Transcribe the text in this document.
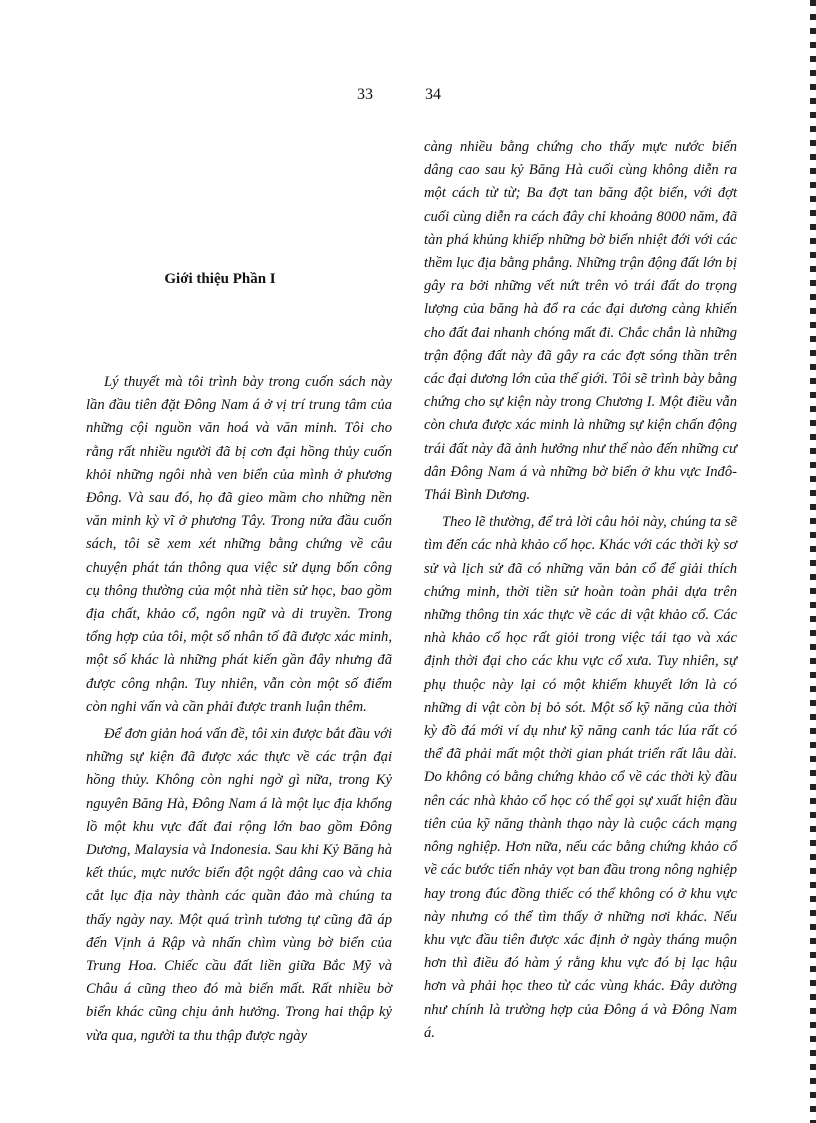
33	34
Giới thiệu Phần I

Lý thuyết mà tôi trình bày trong cuốn sách này lần đầu tiên đặt Đông Nam á ở vị trí trung tâm của những cội nguồn văn hoá và văn minh. Tôi cho rằng rất nhiều người đã bị cơn đại hồng thủy cuốn khỏi những ngôi nhà ven biển của mình ở phương Đông. Và sau đó, họ đã gieo mầm cho những nền văn minh kỳ vĩ ở phương Tây. Trong nửa đầu cuốn sách, tôi sẽ xem xét những bằng chứng về câu chuyện phát tán thông qua việc sử dụng bốn công cụ thông thường của một nhà tiền sử học, bao gồm địa chất, khảo cổ, ngôn ngữ và di truyền. Trong tổng hợp của tôi, một số nhân tố đã được xác minh, một số khác là những phát kiến gần đây nhưng đã được công nhận. Tuy nhiên, vẫn còn một số điểm còn nghi vấn và cần phải được tranh luận thêm.

Để đơn giản hoá vấn đề, tôi xin được bắt đầu với những sự kiện đã được xác thực về các trận đại hồng thủy. Không còn nghi ngờ gì nữa, trong Kỷ nguyên Băng Hà, Đông Nam á là một lục địa khổng lồ một khu vực đất đai rộng lớn bao gồm Đông Dương, Malaysia và Indonesia. Sau khi Kỷ Băng hà kết thúc, mực nước biển đột ngột dâng cao và chia cắt lục địa này thành các quần đảo mà chúng ta thấy ngày nay. Một quá trình tương tự cũng đã áp đến Vịnh ả Rập và nhấn chìm vùng bờ biển của Trung Hoa. Chiếc cầu đất liền giữa Bắc Mỹ và Châu á cũng theo đó mà biến mất. Rất nhiều bờ biển khác cũng chịu ảnh hưởng. Trong hai thập kỷ vừa qua, người ta thu thập được ngày

càng nhiều bằng chứng cho thấy mực nước biển dâng cao sau kỷ Băng Hà cuối cùng không diễn ra một cách từ từ; Ba đợt tan băng đột biến, với đợt cuối cùng diễn ra cách đây chỉ khoảng 8000 năm, đã tàn phá khủng khiếp những bờ biển nhiệt đới với các thềm lục địa bằng phẳng. Những trận động đất lớn bị gây ra bởi những vết nứt trên vỏ trái đất do trọng lượng của băng hà đổ ra các đại dương càng khiến cho đất đai nhanh chóng mất đi. Chắc chắn là những trận động đất này đã gây ra các đợt sóng thần trên các đại dương lớn của thế giới. Tôi sẽ trình bày bằng chứng cho sự kiện này trong Chương I. Một điều vẫn còn chưa được xác minh là những sự kiện chấn động trái đất này đã ảnh hưởng như thế nào đến những cư dân Đông Nam á và những bờ biển ở khu vực Inđô-Thái Bình Dương.

Theo lẽ thường, để trả lời câu hỏi này, chúng ta sẽ tìm đến các nhà khảo cổ học. Khác với các thời kỳ sơ sử và lịch sử đã có những văn bản cổ để giải thích chứng minh, thời tiền sử hoàn toàn phải dựa trên những thông tin xác thực về các di vật khảo cổ. Các nhà khảo cổ học rất giỏi trong việc tái tạo và xác định thời đại cho các khu vực cổ xưa. Tuy nhiên, sự phụ thuộc này lại có một khiếm khuyết lớn là có những di vật còn bị bỏ sót. Một số kỹ năng của thời kỳ đồ đá mới ví dụ như kỹ năng canh tác lúa rất có thể đã phải mất một thời gian phát triển rất lâu dài. Do không có bằng chứng khảo cổ về các thời kỳ đầu nên các nhà khảo cổ học có thể gọi sự xuất hiện đầu tiên của kỹ năng thành thạo này là cuộc cách mạng nông nghiệp. Hơn nữa, nếu các bằng chứng khảo cổ về các bước tiến nhảy vọt ban đầu trong nông nghiệp hay trong đúc đồng thiếc có thể không có ở khu vực này nhưng có thể tìm thấy ở những nơi khác. Nếu khu vực đầu tiên được xác định ở ngày tháng muộn hơn thì điều đó hàm ý rằng khu vực đó bị lạc hậu hơn và phải học theo từ các vùng khác. Đây dường như chính là trường hợp của Đông á và Đông Nam á.
